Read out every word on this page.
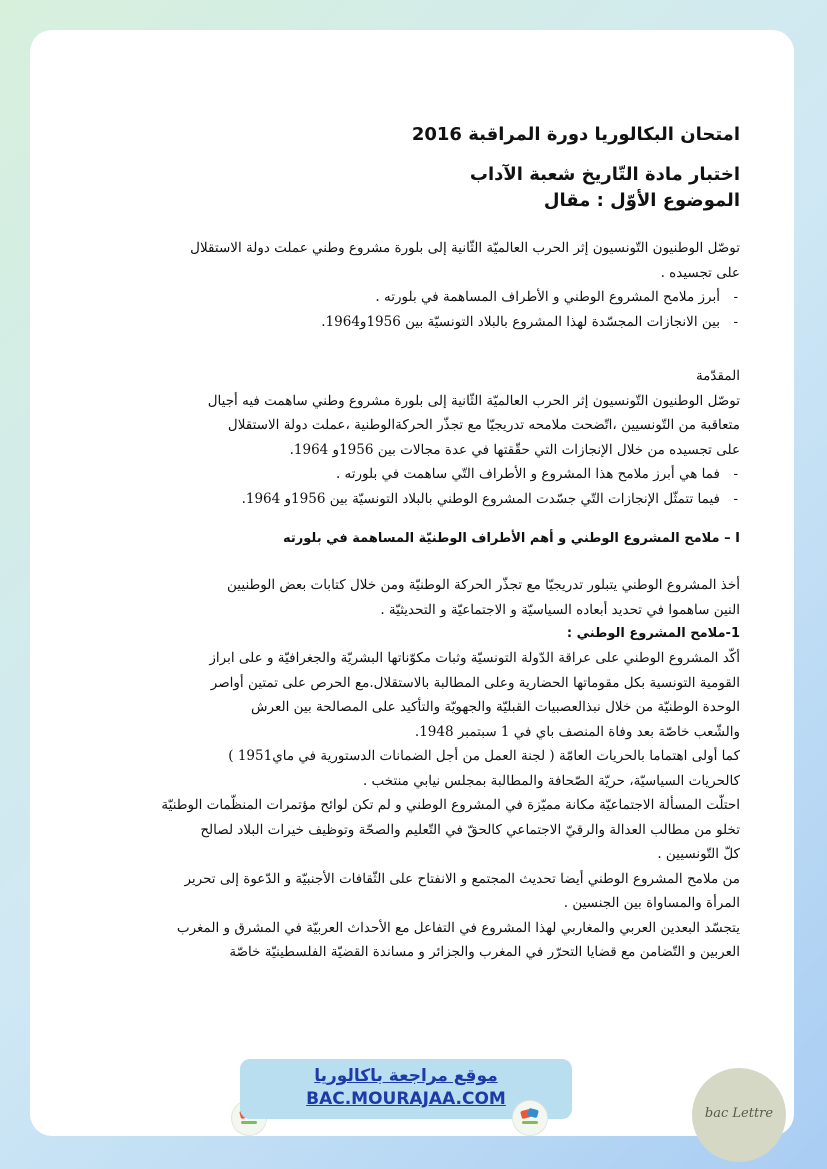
امتحان البكالوريا دورة المراقبة 2016

اختبار مادة التّاريخ شعبة الآداب

الموضوع الأوّل : مقال

توصّل الوطنيون التّونسيون إثر الحرب العالميّة الثّانية إلى بلورة مشروع وطني عملت دولة الاستقلال

على تجسيده .

- أبرز ملامح المشروع الوطني و الأطراف المساهمة في بلورته .

- بين الانجازات المجسّدة لهذا المشروع بالبلاد التونسيّة بين 1956و1964.

المقدّمة

توصّل الوطنيون التّونسيون إثر الحرب العالميّة الثّانية إلى بلورة مشروع وطني ساهمت فيه أجيال

متعاقبة من التّونسيين ،اتّضحت ملامحه تدريجيّا مع تجذّر الحركةالوطنية ،عملت دولة الاستقلال

على تجسيده من خلال الإنجازات التي حقّقتها في عدة مجالات بين 1956و 1964.

- فما هي أبرز ملامح هذا المشروع و الأطراف التّي ساهمت في بلورته .

- فيما تتمثّل الإنجازات التّي جسّدت المشروع الوطني بالبلاد التونسيّة بين 1956و 1964.

I – ملامح المشروع الوطني و أهم الأطراف الوطنيّة المساهمة في بلورته

أخذ المشروع الوطني يتبلور تدريجيّا مع تجذّر الحركة الوطنيّة ومن خلال كتابات بعض الوطنيين

النين ساهموا في تحديد أبعاده السياسيّة و الاجتماعيّة و التحديثيّة .

1-ملامح المشروع الوطني :

أكّد المشروع الوطني على عراقة الدّولة التونسيّة وثبات مكوّناتها البشريّة والجغرافيّة و على ابراز

القومية التونسية بكل مقوماتها الحضارية وعلى المطالبة بالاستقلال.مع الحرص على تمتين أواصر

الوحدة الوطنيّة من خلال نبذالعصبيات القبليّة والجهويّة والتأكيد على المصالحة بين العرش

والشّعب خاصّة بعد وفاة المنصف باي في 1 سبتمبر 1948.

كما أولى اهتماما بالحريات العامّة ( لجنة العمل من أجل الضمانات الدستورية في ماي1951 )

كالحريات السياسيّة، حريّة الصّحافة والمطالبة بمجلس نيابي منتخب .

احتلّت المسألة الاجتماعيّة مكانة مميّزة في المشروع الوطني و لم تكن لوائح مؤتمرات المنظّمات الوطنيّة

تخلو من مطالب العدالة والرقيّ الاجتماعي كالحقّ في التّعليم والصحّة وتوظيف خيرات البلاد لصالح

كلّ التّونسيين .

من ملامح المشروع الوطني أيضا تحديث المجتمع و الانفتاح على الثّقافات الأجنبيّة و الدّعوة إلى تحرير

المرأة والمساواة بين الجنسين .

يتجسّد البعدين العربي والمغاربي لهذا المشروع في التفاعل مع الأحداث العربيّة في المشرق و المغرب

العربين و التّضامن مع قضايا التحرّر في المغرب والجزائر و مساندة القضيّة الفلسطينيّة خاصّة

موقع مراجعة باكالوريا
BAC.MOURAJAA.COM
bac Lettre
